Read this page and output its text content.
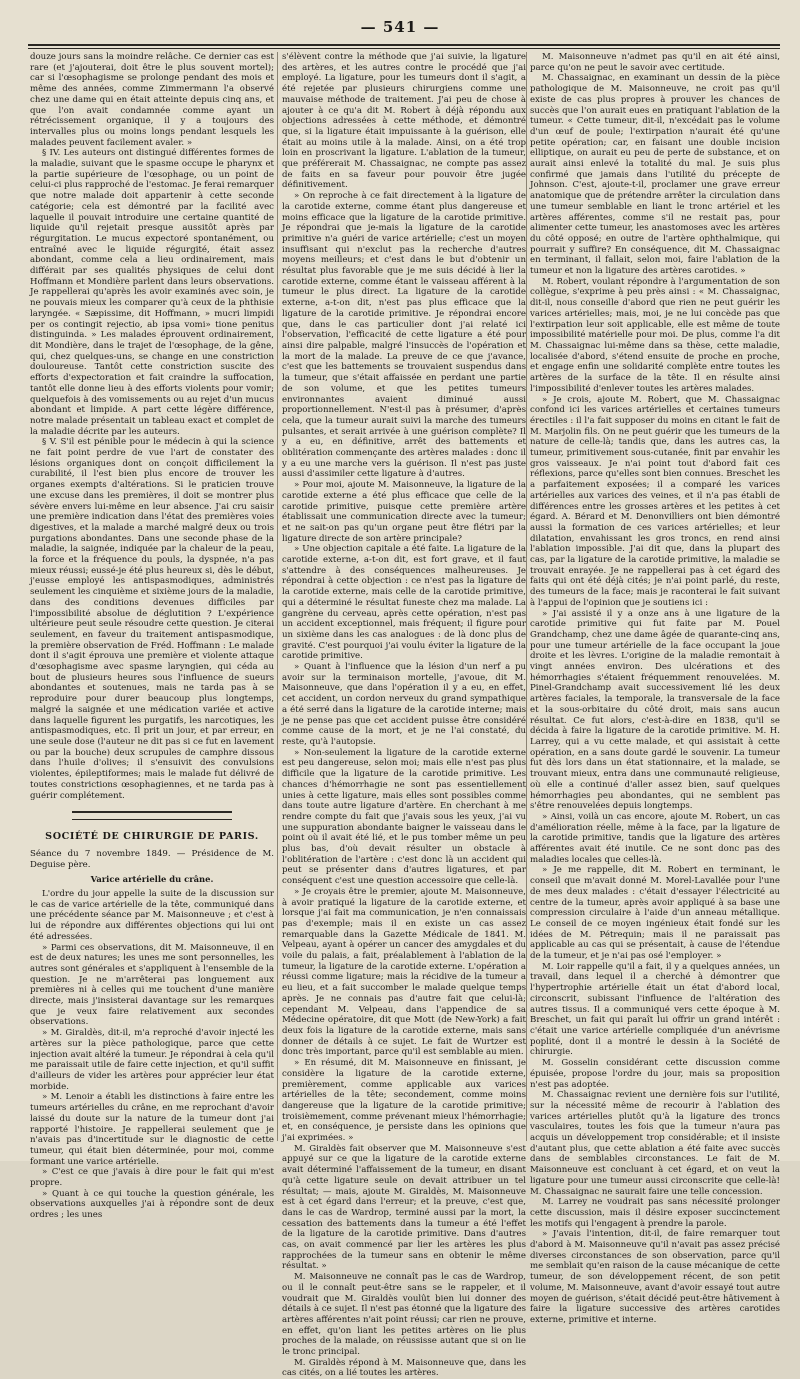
— 541 —

douze jours sans la moindre relâche. Ce dernier cas est rare (et j'ajouterai, doit être le plus souvent mortel); car si l'œsophagisme se prolonge pendant des mois et même des années, comme Zimmermann l'a observé chez une dame qui en était atteinte depuis cinq ans, et que l'on avait condamnée comme ayant un rétrécissement organique, il y a toujours des intervalles plus ou moins longs pendant lesquels les malades peuvent facilement avaler. »

§ IV. Les auteurs ont distingué différentes formes de la maladie, suivant que le spasme occupe le pharynx et la partie supérieure de l'œsophage, ou un point de celui-ci plus rapproché de l'estomac. Je ferai remarquer que notre malade doit appartenir à cette seconde catégorie; cela est démontré par la facilité avec laquelle il pouvait introduire une certaine quantité de liquide qu'il rejetait presque aussitôt après par régurgitation. Le mucus expectoré spontanément, ou entraîné avec le liquide régurgité, était assez abondant, comme cela a lieu ordinairement, mais différait par ses qualités physiques de celui dont Hoffmann et Mondière parlent dans leurs observations. Je rappellerai qu'après les avoir examinés avec soin, je ne pouvais mieux les comparer qu'à ceux de la phthisie laryngée. « Sæpissime, dit Hoffmann, » mucri limpidi per os contingit rejectio, ab ipsa vomi» tione penitus distinguinda. » Les malades éprouvent ordinairement, dit Mondière, dans le trajet de l'œsophage, de la gêne, qui, chez quelques-uns, se change en une constriction douloureuse. Tantôt cette constriction suscite des efforts d'expectoration et fait craindre la suffocation, tantôt elle donne lieu à des efforts violents pour vomir; quelquefois à des vomissements ou au rejet d'un mucus abondant et limpide. A part cette légère différence, notre malade présentait un tableau exact et complet de la maladie décrite par les auteurs.

§ V. S'il est pénible pour le médecin à qui la science ne fait point perdre de vue l'art de constater des lésions organiques dont on conçoit difficilement la curabilité, il l'est bien plus encore de trouver les organes exempts d'altérations. Si le praticien trouve une excuse dans les premières, il doit se montrer plus sévère envers lui-même en leur absence. J'ai cru saisir une première indication dans l'état des premières voies digestives, et la malade a marché malgré deux ou trois purgations abondantes. Dans une seconde phase de la maladie, la saignée, indiquée par la chaleur de la peau, la force et la fréquence du pouls, la dyspnée, n'a pas mieux réussi; eussé-je été plus heureux si, dès le début, j'eusse employé les antispasmodiques, administrés seulement les cinquième et sixième jours de la maladie, dans des conditions devenues difficiles par l'impossibilité absolue de déglutition ? L'expérience ultérieure peut seule résoudre cette question. Je citerai seulement, en faveur du traitement antispasmodique, la première observation de Fréd. Hoffmann : Le malade dont il s'agit éprouva une première et violente attaque d'œsophagisme avec spasme laryngien, qui céda au bout de plusieurs heures sous l'influence de sueurs abondantes et soutenues, mais ne tarda pas à se reproduire pour durer beaucoup plus longtemps, malgré la saignée et une médication variée et active dans laquelle figurent les purgatifs, les narcotiques, les antispasmodiques, etc. Il prit un jour, et par erreur, en une seule dose (l'auteur ne dit pas si ce fut en lavement ou par la bouche) deux scrupules de camphre dissous dans l'huile d'olives; il s'ensuivit des convulsions violentes, épileptiformes; mais le malade fut délivré de toutes constrictions œsophagiennes, et ne tarda pas à guérir complétement.

SOCIÉTÉ DE CHIRURGIE DE PARIS.

Séance du 7 novembre 1849. — Présidence de M. Deguise père.

Varice artérielle du crâne.

L'ordre du jour appelle la suite de la discussion sur le cas de varice artérielle de la tête, communiqué dans une précédente séance par M. Maisonneuve ; et c'est à lui de répondre aux différentes objections qui lui ont été adressées.

» Parmi ces observations, dit M. Maisonneuve, il en est de deux natures; les unes me sont personnelles, les autres sont générales et s'appliquent à l'ensemble de la question. Je ne m'arrêterai pas longuement aux premières ni à celles qui me touchent d'une manière directe, mais j'insisterai davantage sur les remarques que je veux faire relativement aux secondes observations.

» M. Giraldès, dit-il, m'a reproché d'avoir injecté les artères sur la pièce pathologique, parce que cette injection avait altéré la tumeur. Je répondrai à cela qu'il me paraissait utile de faire cette injection, et qu'il suffit d'ailleurs de vider les artères pour apprécier leur état morbide.

» M. Lenoir a établi les distinctions à faire entre les tumeurs artérielles du crâne, en me reprochant d'avoir laissé du doute sur la nature de la tumeur dont j'ai rapporté l'histoire. Je rappellerai seulement que je n'avais pas d'incertitude sur le diagnostic de cette tumeur, qui était bien déterminée, pour moi, comme formant une varice artérielle.

» C'est ce que j'avais à dire pour le fait qui m'est propre.

» Quant à ce qui touche la question générale, les observations auxquelles j'ai à répondre sont de deux ordres ; les unes

s'élèvent contre la méthode que j'ai suivie, la ligature des artères, et les autres contre le procédé que j'ai employé. La ligature, pour les tumeurs dont il s'agit, a été rejetée par plusieurs chirurgiens comme une mauvaise méthode de traitement. J'ai peu de chose à ajouter à ce qu'a dit M. Robert à déjà répondu aux objections adressées à cette méthode, et démontré que, si la ligature était impuissante à la guérison, elle était au moins utile à la malade. Ainsi, on a été trop loin en proscrivant la ligature. L'ablation de la tumeur, que préférerait M. Chassaignac, ne compte pas assez de faits en sa faveur pour pouvoir être jugée définitivement.

» On reproche à ce fait directement à la ligature de la carotide externe, comme étant plus dangereuse et moins efficace que la ligature de la carotide primitive. Je répondrai que je-mais la ligature de la carotide primitive n'a guéri de varice artérielle; c'est un moyen insuffisant qui n'exclut pas la recherche d'autres moyens meilleurs; et c'est dans le but d'obtenir un résultat plus favorable que je me suis décidé à lier la carotide externe, comme étant le vaisseau afférent à la tumeur le plus direct. La ligature de la carotide externe, a-t-on dit, n'est pas plus efficace que la ligature de la carotide primitive. Je répondrai encore que, dans le cas particulier dont j'ai relaté ici l'observation, l'efficacité de cette ligature a été pour ainsi dire palpable, malgré l'insuccès de l'opération et la mort de la malade. La preuve de ce que j'avance, c'est que les battements se trouvaient suspendus dans la tumeur, que s'était affaissée en perdant une partie de son volume, et que les petites tumeurs environnantes avaient diminué aussi proportionnellement. N'est-il pas à présumer, d'après cela, que la tumeur aurait suivi la marche des tumeurs pulsantes, et serait arrivée à une guérison complète? Il y a eu, en définitive, arrêt des battements et oblitération commençante des artères malades : donc il y a eu une marche vers la guérison. Il n'est pas juste aussi d'assimiler cette ligature à d'autres.

» Pour moi, ajoute M. Maisonneuve, la ligature de la carotide externe a été plus efficace que celle de la carotide primitive, puisque cette première artère établissait une communication directe avec la tumeur; et ne sait-on pas qu'un organe peut être flétri par la ligature directe de son artère principale?

» Une objection capitale a été faite. La ligature de la carotide externe, a-t-on dit, est fort grave, et il faut s'attendre à des conséquences malheureuses. Je répondrai à cette objection : ce n'est pas la ligature de la carotide externe, mais celle de la carotide primitive, qui a déterminé le résultat funeste chez ma malade. La gangrène du cerveau, après cette opération, n'est pas un accident exceptionnel, mais fréquent; il figure pour un sixième dans les cas analogues : de là donc plus de gravité. C'est pourquoi j'ai voulu éviter la ligature de la carotide primitive.

» Quant à l'influence que la lésion d'un nerf a pu avoir sur la terminaison mortelle, j'avoue, dit M. Maisonneuve, que dans l'opération il y a eu, en effet, cet accident, un cordon nerveux du grand sympathique a été serré dans la ligature de la carotide interne; mais je ne pense pas que cet accident puisse être considéré comme cause de la mort, et je ne l'ai constaté, du reste, qu'à l'autopsie.

» Non-seulement la ligature de la carotide externe est peu dangereuse, selon moi; mais elle n'est pas plus difficile que la ligature de la carotide primitive. Les chances d'hémorrhagie ne sont pas essentiellement unies à cette ligature, mais elles sont possibles comme dans toute autre ligature d'artère. En cherchant à me rendre compte du fait que j'avais sous les yeux, j'ai vu une suppuration abondante baigner le vaisseau dans le point où il avait été lié, et le pus tomber même un peu plus bas, d'où devait résulter un obstacle à l'oblitération de l'artère : c'est donc là un accident qui peut se présenter dans d'autres ligatures, et par conséquent c'est une question accessoire que celle-là.

» Je croyais être le premier, ajoute M. Maisonneuve, à avoir pratiqué la ligature de la carotide externe, et lorsque j'ai fait ma communication, je n'en connaissais pas d'exemple; mais il en existe un cas assez remarquable dans la Gazette Médicale de 1841. M. Velpeau, ayant à opérer un cancer des amygdales et du voile du palais, a fait, préalablement à l'ablation de la tumeur, la ligature de la carotide externe. L'opération a réussi comme ligature; mais la récidive de la tumeur a eu lieu, et a fait succomber le malade quelque temps après. Je ne connais pas d'autre fait que celui-là; cependant M. Velpeau, dans l'appendice de sa Médecine opératoire, dit que Mott (de New-York) a fait deux fois la ligature de la carotide externe, mais sans donner de détails à ce sujet. Le fait de Wurtzer est donc très important, parce qu'il est semblable au mien.

» En résumé, dit M. Maisonneuve en finissant, je considère la ligature de la carotide externe, premièrement, comme applicable aux varices artérielles de la tête; secondement, comme moins dangereuse que la ligature de la carotide primitive; troisièmement, comme prévenant mieux l'hémorrhagie; et, en conséquence, je persiste dans les opinions que j'ai exprimées. »

M. Giraldès fait observer que M. Maisonneuve s'est appuyé sur ce que la ligature de la carotide externe avait déterminé l'affaissement de la tumeur, en disant qu'à cette ligature seule on devait attribuer un tel résultat; — mais, ajoute M. Giraldès, M. Maisonneuve est à cet égard dans l'erreur; et la preuve, c'est que, dans le cas de Wardrop, terminé aussi par la mort, la cessation des battements dans la tumeur a été l'effet de la ligature de la carotide primitive. Dans d'autres cas, on avait commencé par lier les artères les plus rapprochées de la tumeur sans en obtenir le même résultat. »

M. Maisonneuve ne connaît pas le cas de Wardrop, ou il le connaît peut-être sans se le rappeler, et il voudrait que M. Giraldès voulût bien lui donner des détails à ce sujet. Il n'est pas étonné que la ligature des artères afférentes n'ait point réussi; car rien ne prouve, en effet, qu'on liant les petites artères on lie plus proches de la malade, on réussisse autant que si on lie le tronc principal.

M. Giraldès répond à M. Maisonneuve que, dans les cas cités, on a lié toutes les artères.

M. Maisonneuve n'admet pas qu'il en ait été ainsi, parce qu'on ne peut le savoir avec certitude.

M. Chassaignac, en examinant un dessin de la pièce pathologique de M. Maisonneuve, ne croit pas qu'il existe de cas plus propres à prouver les chances de succès que l'on aurait eues en pratiquant l'ablation de la tumeur. « Cette tumeur, dit-il, n'excédait pas le volume d'un œuf de poule; l'extirpation n'aurait été qu'une petite opération; car, en faisant une double incision elliptique, on aurait eu peu de perte de substance, et on aurait ainsi enlevé la totalité du mal. Je suis plus confirmé que jamais dans l'utilité du précepte de Johnson. C'est, ajoute-t-il, proclamer une grave erreur anatomique que de prétendre arrêter la circulation dans une tumeur semblable en liant le tronc artériel et les artères afférentes, comme s'il ne restait pas, pour alimenter cette tumeur, les anastomoses avec les artères du côté opposé; en outre de l'artère ophthalmique, qui pourrait y suffire? En conséquence, dit M. Chassaignac en terminant, il fallait, selon moi, faire l'ablation de la tumeur et non la ligature des artères carotides. »

M. Robert, voulant répondre à l'argumentation de son collègue, s'exprime à peu près ainsi : « M. Chassaignac, dit-il, nous conseille d'abord que rien ne peut guérir les varices artérielles; mais, moi, je ne lui concède pas que l'extirpation leur soit applicable, elle est même de toute impossibilité matérielle pour moi. De plus, comme l'a dit M. Chassaignac lui-même dans sa thèse, cette maladie, localisée d'abord, s'étend ensuite de proche en proche, et engage enfin une solidarité complète entre toutes les artères de la surface de la tête. Il en résulte ainsi l'impossibilité d'enlever toutes les artères malades.

» Je crois, ajoute M. Robert, que M. Chassaignac confond ici les varices artérielles et certaines tumeurs érectiles : il l'a fait supposer du moins en citant le fait de M. Marjolin fils. On ne peut guérir que les tumeurs de la nature de celle-là; tandis que, dans les autres cas, la tumeur, primitivement sous-cutanée, finit par envahir les gros vaisseaux. Je n'ai point tout d'abord fait ces réflexions, parce qu'elles sont bien connues. Breschet les a parfaitement exposées; il a comparé les varices artérielles aux varices des veines, et il n'a pas établi de différences entre les grosses artères et les petites à cet égard. A. Bérard et M. Denonvilliers ont bien démontré aussi la formation de ces varices artérielles; et leur dilatation, envahissant les gros troncs, en rend ainsi l'ablation impossible. J'ai dit que, dans la plupart des cas, par la ligature de la carotide primitive, la maladie se trouvait enrayée. Je ne rappellerai pas à cet égard des faits qui ont été déjà cités; je n'ai point parlé, du reste, des tumeurs de la face; mais je raconterai le fait suivant à l'appui de l'opinion que je soutiens ici :

» J'ai assisté il y a onze ans à une ligature de la carotide primitive qui fut faite par M. Pouel Grandchamp, chez une dame âgée de quarante-cinq ans, pour une tumeur artérielle de la face occupant la joue droite et les lèvres. L'origine de la maladie remontait à vingt années environ. Des ulcérations et des hémorrhagies s'étaient fréquemment renouvelées. M. Pinel-Grandchamp avait successivement lié les deux artères faciales, la temporale, la transversale de la face et la sous-orbitaire du côté droit, mais sans aucun résultat. Ce fut alors, c'est-à-dire en 1838, qu'il se décida à faire la ligature de la carotide primitive. M. H. Larrey, qui a vu cette malade, et qui assistait à cette opération, en a sans doute gardé le souvenir. La tumeur fut dès lors dans un état stationnaire, et la malade, se trouvant mieux, entra dans une communauté religieuse, où elle a continué d'aller assez bien, sauf quelques hémorrhagies peu abondantes, qui ne semblent pas s'être renouvelées depuis longtemps.

» Ainsi, voilà un cas encore, ajoute M. Robert, un cas d'amélioration réelle, même à la face, par la ligature de la carotide primitive, tandis que la ligature des artères afférentes avait été inutile. Ce ne sont donc pas des maladies locales que celles-là.

» Je me rappelle, dit M. Robert en terminant, le conseil que m'avait donné M. Morel-Lavallée pour l'une de mes deux malades : c'était d'essayer l'électricité au centre de la tumeur, après avoir appliqué à sa base une compression circulaire à l'aide d'un anneau métallique. Le conseil de ce moyen ingénieux était fondé sur les idées de M. Pétrequin; mais il ne paraissait pas applicable au cas qui se présentait, à cause de l'étendue de la tumeur, et je n'ai pas osé l'employer. »

M. Loir rappelle qu'il a fait, il y a quelques années, un travail, dans lequel il a cherché à démontrer que l'hypertrophie artérielle était un état d'abord local, circonscrit, subissant l'influence de l'altération des autres tissus. Il a communiqué vers cette époque à M. Breschet, un fait qui paraît lui offrir un grand intérêt : c'était une varice artérielle compliquée d'un anévrisme poplité, dont il a montré le dessin à la Société de chirurgie.

M. Gosselin considérant cette discussion comme épuisée, propose l'ordre du jour, mais sa proposition n'est pas adoptée.

M. Chassaignac revient une dernière fois sur l'utilité, sur la nécessité même de recourir à l'ablation des varices artérielles plutôt qu'à la ligature des troncs vasculaires, toutes les fois que la tumeur n'aura pas acquis un développement trop considérable; et il insiste d'autant plus, que cette ablation a été faite avec succès dans de semblables circonstances. Le fait de M. Maisonneuve est concluant à cet égard, et on veut la ligature pour une tumeur aussi circonscrite que celle-là! M. Chassaignac ne saurait faire une telle concession.

M. Larrey ne voudrait pas sans nécessité prolonger cette discussion, mais il désire exposer succinctement les motifs qui l'engagent à prendre la parole.

» J'avais l'intention, dit-il, de faire remarquer tout d'abord à M. Maisonneuve qu'il n'avait pas assez précisé diverses circonstances de son observation, parce qu'il me semblait qu'en raison de la cause mécanique de cette tumeur, de son développement récent, de son petit volume, M. Maisonneuve, avant d'avoir essayé tout autre moyen de guérison, s'était décidé peut-être hâtivement à faire la ligature successive des artères carotides externe, primitive et interne.
